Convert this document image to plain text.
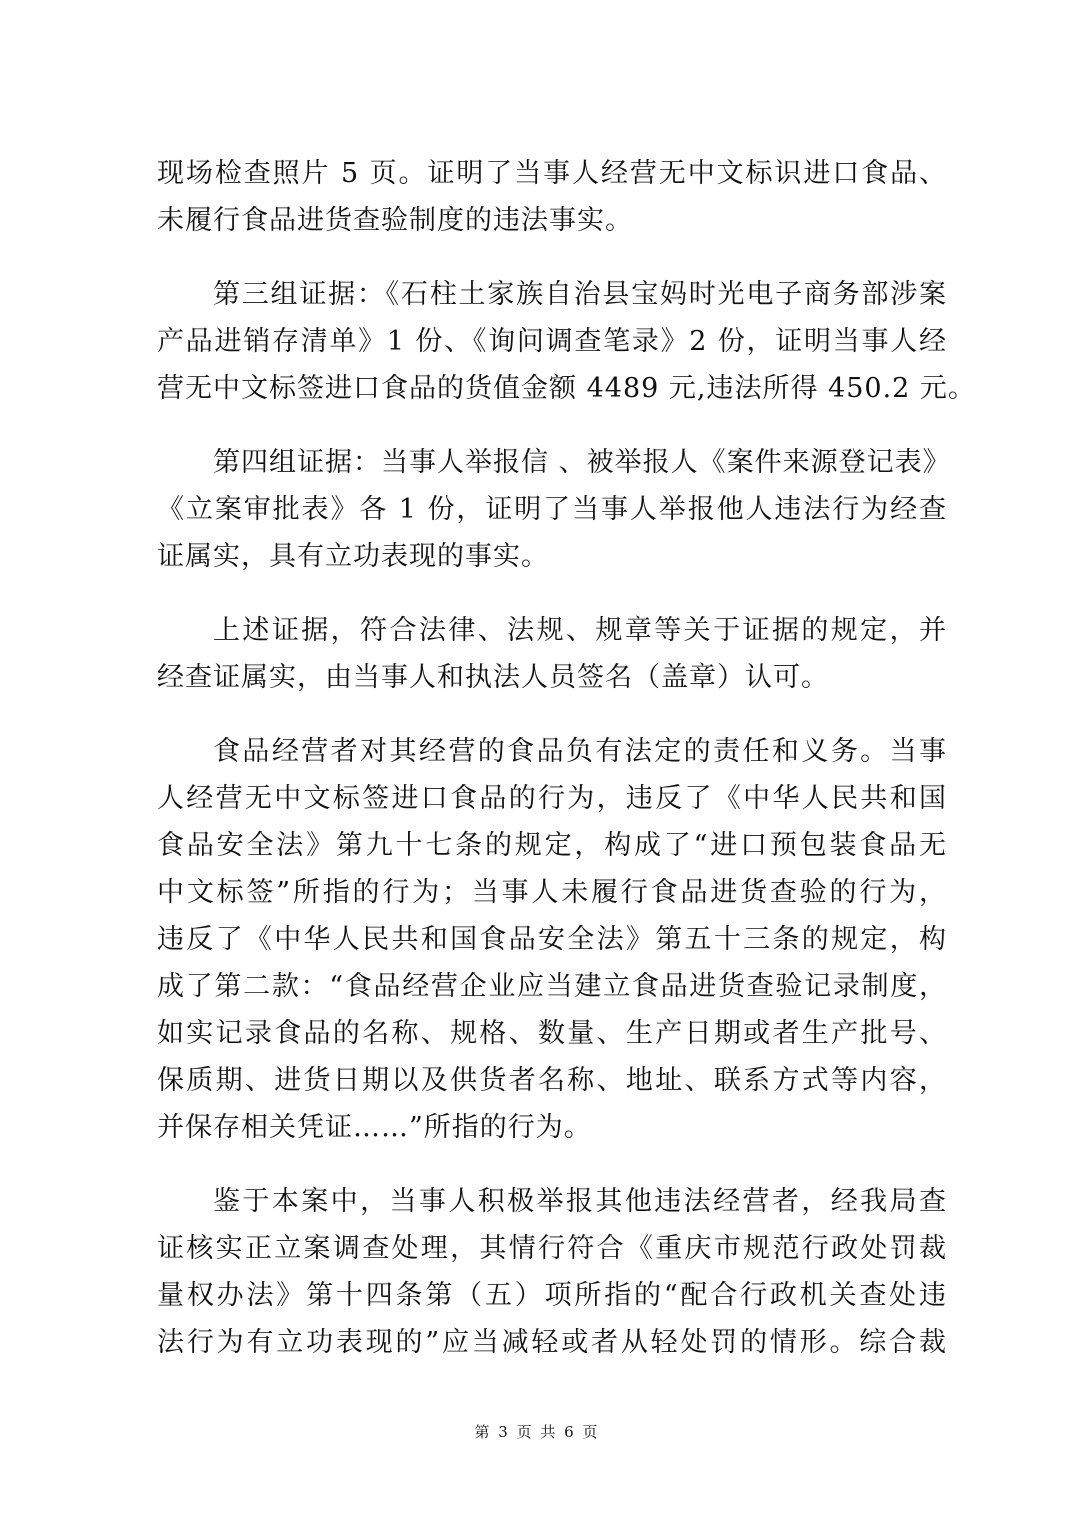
现场检查照片 5 页。证明了当事人经营无中文标识进口食品、
未履行食品进货查验制度的违法事实。
第三组证据：《石柱土家族自治县宝妈时光电子商务部涉案
产品进销存清单》1 份、《询问调查笔录》2 份，证明当事人经
营无中文标签进口食品的货值金额 4489 元,违法所得 450.2 元。
第四组证据：当事人举报信 、被举报人《案件来源登记表》
《立案审批表》各 1 份，证明了当事人举报他人违法行为经查
证属实，具有立功表现的事实。
上述证据，符合法律、法规、规章等关于证据的规定，并
经查证属实，由当事人和执法人员签名（盖章）认可。
食品经营者对其经营的食品负有法定的责任和义务。当事
人经营无中文标签进口食品的行为，违反了《中华人民共和国
食品安全法》第九十七条的规定，构成了“进口预包装食品无
中文标签”所指的行为；当事人未履行食品进货查验的行为，
违反了《中华人民共和国食品安全法》第五十三条的规定，构
成了第二款：“食品经营企业应当建立食品进货查验记录制度，
如实记录食品的名称、规格、数量、生产日期或者生产批号、
保质期、进货日期以及供货者名称、地址、联系方式等内容，
并保存相关凭证……”所指的行为。
鉴于本案中，当事人积极举报其他违法经营者，经我局查
证核实正立案调查处理，其情行符合《重庆市规范行政处罚裁
量权办法》第十四条第（五）项所指的“配合行政机关查处违
法行为有立功表现的”应当减轻或者从轻处罚的情形。综合裁
第 3 页 共 6 页
